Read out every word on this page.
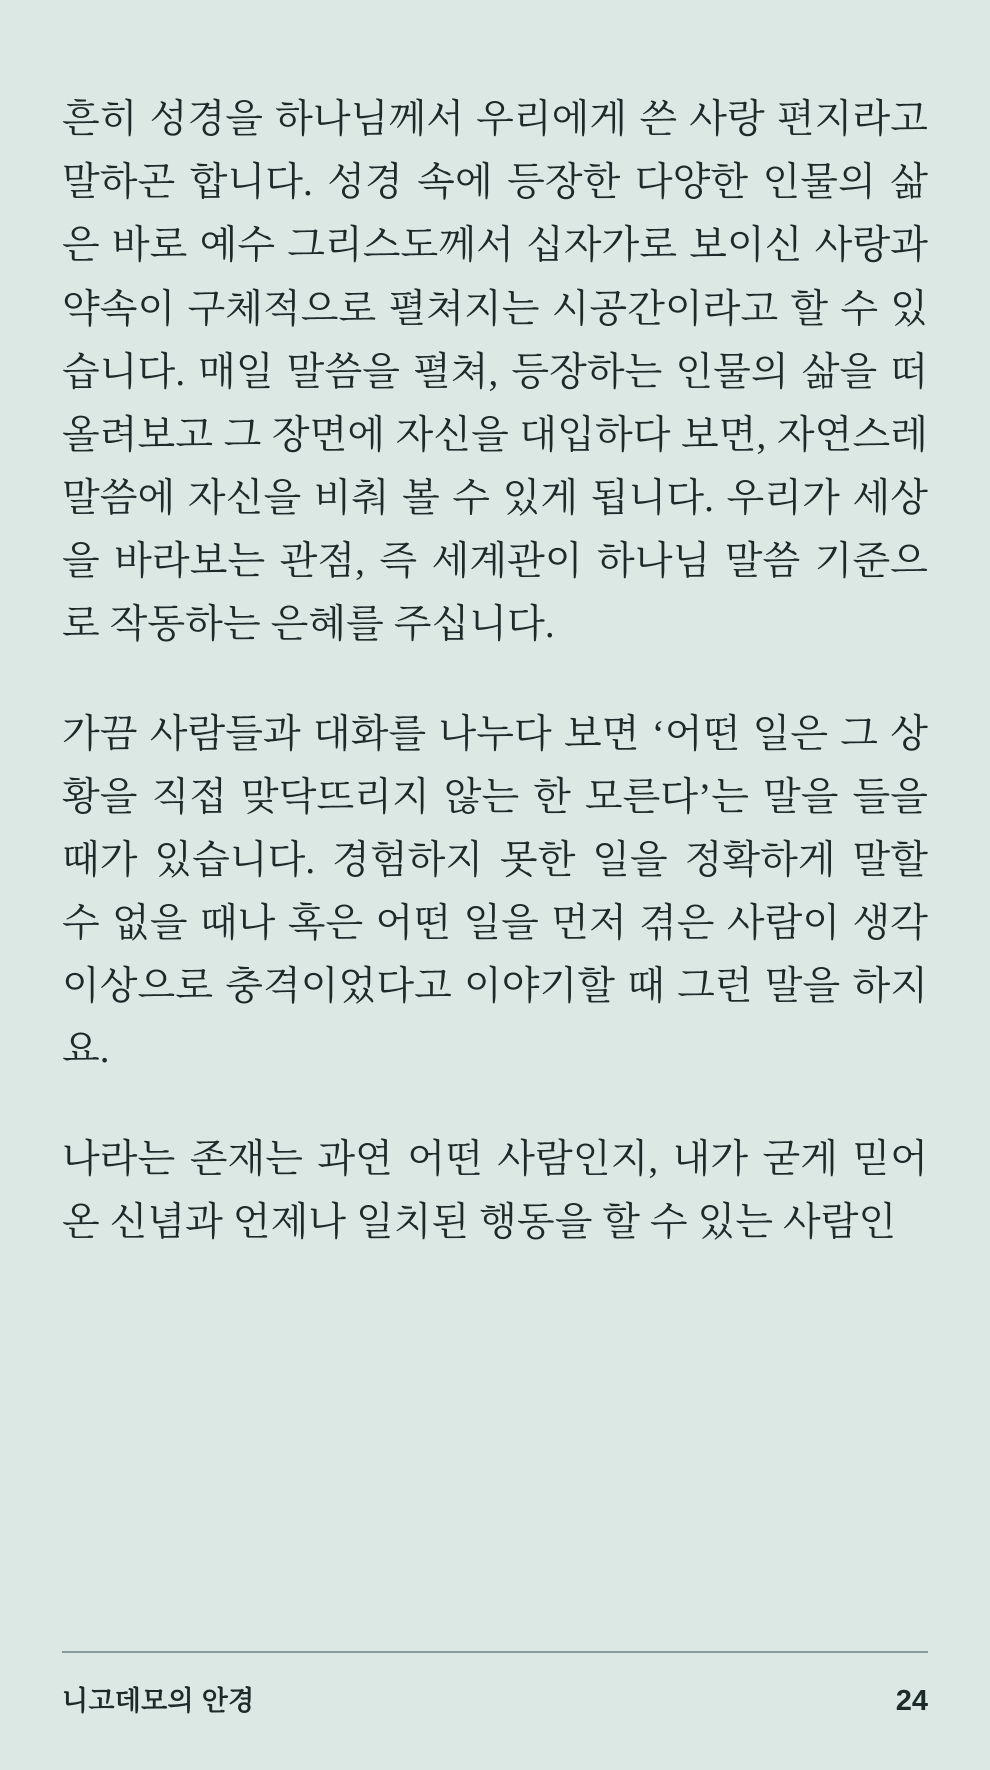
흔히 성경을 하나님께서 우리에게 쓴 사랑 편지라고 말하곤 합니다. 성경 속에 등장한 다양한 인물의 삶은 바로 예수 그리스도께서 십자가로 보이신 사랑과 약속이 구체적으로 펼쳐지는 시공간이라고 할 수 있습니다. 매일 말씀을 펼쳐, 등장하는 인물의 삶을 떠올려보고 그 장면에 자신을 대입하다 보면, 자연스레 말씀에 자신을 비춰 볼 수 있게 됩니다. 우리가 세상을 바라보는 관점, 즉 세계관이 하나님 말씀 기준으로 작동하는 은혜를 주십니다.

가끔 사람들과 대화를 나누다 보면 ‘어떤 일은 그 상황을 직접 맞닥뜨리지 않는 한 모른다’는 말을 들을 때가 있습니다. 경험하지 못한 일을 정확하게 말할 수 없을 때나 혹은 어떤 일을 먼저 겪은 사람이 생각 이상으로 충격이었다고 이야기할 때 그런 말을 하지요.

나라는 존재는 과연 어떤 사람인지, 내가 굳게 믿어 온 신념과 언제나 일치된 행동을 할 수 있는 사람인

니고데모의 안경	24
